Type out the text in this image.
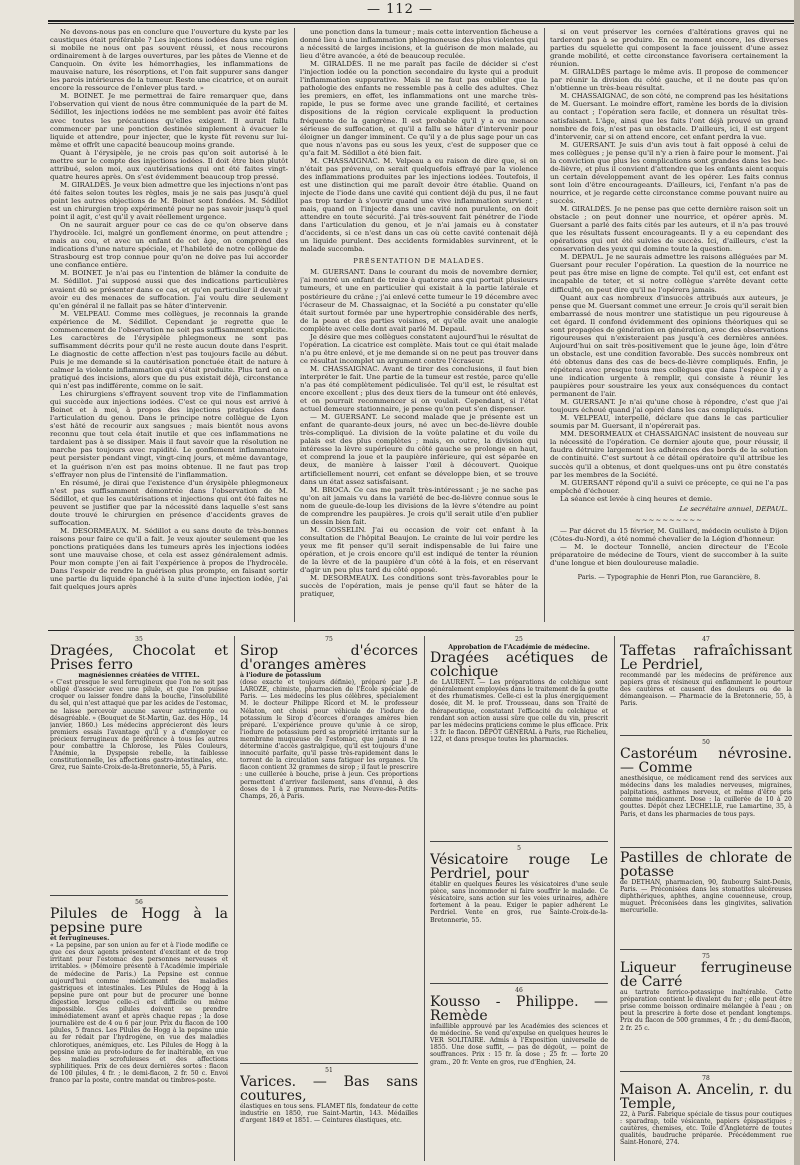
— 112 —

Ne devons-nous pas en conclure que l'ouverture du kyste par les caustiques était préférable ? Les injections iodées dans une région si mobile ne nous ont pas souvent réussi, et nous recourons ordinairement à de larges ouvertures, par les pâtes de Vienne et de Canquoin. On évite les hémorrhagies, les inflammations de mauvaise nature, les résorptions, et l'on fait suppurer sans danger les parois intérieures de la tumeur. Reste une cicatrice, et on aurait encore la ressource de l'enlever plus tard. »

M. BOINET. Je me permettrai de faire remarquer que, dans l'observation qui vient de nous être communiquée de la part de M. Sédillot, les injections iodées ne me semblent pas avoir été faites avec toutes les précautions qu'elles exigent. Il aurait fallu commencer par une ponction destinée simplement à évacuer le liquide et attendre, pour injecter, que le kyste fût revenu sur lui-même et offrît une capacité beaucoup moins grande.

Quant à l'érysipèle, je ne crois pas qu'on soit autorisé à le mettre sur le compte des injections iodées. Il doit être bien plutôt attribué, selon moi, aux cautérisations qui ont été faites vingt-quatre heures après. On s'est évidemment beaucoup trop pressé.

M. GIRALDÈS. Je veux bien admettre que les injections n'ont pas été faites selon toutes les règles, mais je ne sais pas jusqu'à quel point les autres objections de M. Boinet sont fondées. M. Sédillot est un chirurgien trop expérimenté pour ne pas savoir jusqu'à quel point il agit, c'est qu'il y avait réellement urgence.

On ne saurait arguer pour ce cas de ce qu'on observe dans l'hydrocèle. Ici, malgré un gonflement énorme, on peut attendre ; mais au cou, et avec un enfant de cet âge, on comprend des indications d'une nature spéciale, et l'habileté de notre collègue de Strasbourg est trop connue pour qu'on ne doive pas lui accorder une confiance entière.

M. BOINET. Je n'ai pas eu l'intention de blâmer la conduite de M. Sédillot. J'ai supposé aussi que des indications particulières avaient dû se présenter dans ce cas, et qu'en particulier il devait y avoir eu des menaces de suffocation. J'ai voulu dire seulement qu'en général il ne fallait pas se hâter d'intervenir.

M. VELPEAU. Comme mes collègues, je reconnais la grande expérience de M. Sédillot. Cependant je regrette que le commencement de l'observation ne soit pas suffisamment explicite. Les caractères de l'érysipèle phlegmoneux ne sont pas suffisamment décrits pour qu'il ne reste aucun doute dans l'esprit. Le diagnostic de cette affection n'est pas toujours facile au début. Puis je me demande si la cautérisation ponctuée était de nature à calmer la violente inflammation qui s'était produite. Plus tard on a pratiqué des incisions, alors que du pus existait déjà, circonstance qui n'est pas indifférente, comme on le sait.

Les chirurgiens s'effrayent souvent trop vite de l'inflammation qui succède aux injections iodées. C'est ce qui nous est arrivé à Boinet et à moi, à propos des injections pratiquées dans l'articulation du genou. Dans le principe notre collègue de Lyon s'est hâté de recourir aux sangsues ; mais bientôt nous avons reconnu que tout cela était inutile et que ces inflammations ne tardaient pas à se dissiper. Mais il faut savoir que la résolution ne marche pas toujours avec rapidité. Le gonflement inflammatoire peut persister pendant vingt, vingt-cinq jours, et même davantage, et la guérison n'en est pas moins obtenue. Il ne faut pas trop s'effrayer non plus de l'intensité de l'inflammation.

En résumé, je dirai que l'existence d'un érysipèle phlegmoneux n'est pas suffisamment démontrée dans l'observation de M. Sédillot, et que les cautérisations et injections qui ont été faites ne peuvent se justifier que par la nécessité dans laquelle s'est sans doute trouvé le chirurgien en présence d'accidents graves de suffocation.

M. DESORMEAUX. M. Sédillot a eu sans doute de très-bonnes raisons pour faire ce qu'il a fait. Je veux ajouter seulement que les ponctions pratiquées dans les tumeurs après les injections iodées sont une mauvaise chose, et cela est assez généralement admis. Pour mon compte j'en ai fait l'expérience à propos de l'hydrocèle. Dans l'espoir de rendre la guérison plus prompte, en faisant sortir une partie du liquide épanché à la suite d'une injection iodée, j'ai fait quelques jours après

une ponction dans la tumeur ; mais cette intervention fâcheuse a donné lieu à une inflammation phlegmoneuse des plus violentes qui a nécessité de larges incisions, et la guérison de mon malade, au lieu d'être avancée, a été de beaucoup reculée.

M. GIRALDÈS. Il ne me paraît pas facile de décider si c'est l'injection iodée ou la ponction secondaire du kyste qui a produit l'inflammation suppurative. Mais il ne faut pas oublier que la pathologie des enfants ne ressemble pas à celle des adultes. Chez les premiers, en effet, les inflammations ont une marche très-rapide, le pus se forme avec une grande facilité, et certaines dispositions de la région cervicale expliquent la production fréquente de la gangrène. Il est probable qu'il y a eu menace sérieuse de suffocation, et qu'il a fallu se hâter d'intervenir pour éloigner un danger imminent. Ce qu'il y a de plus sage pour un cas que nous n'avons pas eu sous les yeux, c'est de supposer que ce qu'a fait M. Sédillot a été bien fait.

M. CHASSAIGNAC. M. Velpeau a eu raison de dire que, si on n'était pas prévenu, on serait quelquefois effrayé par la violence des inflammations produites par les injections iodées. Toutefois, il est une distinction qui me paraît devoir être établie. Quand on injecte de l'iode dans une cavité qui contient déjà du pus, il ne faut pas trop tarder à s'ouvrir quand une vive inflammation survient ; mais, quand on l'injecte dans une cavité non purulente, on doit attendre en toute sécurité. J'ai très-souvent fait pénétrer de l'iode dans l'articulation du genou, et je n'ai jamais eu à constater d'accidents, si ce n'est dans un cas où cette cavité contenait déjà un liquide purulent. Des accidents formidables survinrent, et le malade succomba.

PRÉSENTATION DE MALADES.

M. GUERSANT. Dans le courant du mois de novembre dernier, j'ai montré un enfant de treize à quatorze ans qui portait plusieurs tumeurs, et une en particulier qui existait à la partie latérale et postérieure du crâne ; j'ai enlevé cette tumeur le 19 décembre avec l'écraseur de M. Chassaignac, et la Société a pu constater qu'elle était surtout formée par une hypertrophie considérable des nerfs, de la peau et des parties voisines, et qu'elle avait une analogie complète avec celle dont avait parlé M. Depaul.

Je désire que mes collègues constatent aujourd'hui le résultat de l'opération. La cicatrice est complète. Mais tout ce qui était malade n'a pu être enlevé, et je me demande si on ne peut pas trouver dans ce résultat incomplet un argument contre l'écraseur.

M. CHASSAIGNAC. Avant de tirer des conclusions, il faut bien interpréter le fait. Une partie de la tumeur est restée, parce qu'elle n'a pas été complètement pédiculisée. Tel qu'il est, le résultat est encore excellent ; plus des deux tiers de la tumeur ont été enlevés, et on pourrait recommencer si on voulait. Cependant, si l'état actuel demeure stationnaire, je pense qu'on peut s'en dispenser.

— M. GUERSANT. Le second malade que je présente est un enfant de quarante-deux jours, né avec un bec-de-lièvre double très-compliqué. La division de la voûte palatine et du voile du palais est des plus complètes ; mais, en outre, la division qui intéresse la lèvre supérieure du côté gauche se prolonge en haut, et comprend la joue et la paupière inférieure, qui est séparée en deux, de manière à laisser l'œil à découvert. Quoique artificiellement nourri, cet enfant se développe bien, et se trouve dans un état assez satisfaisant.

M. BROCA. Ce cas me paraît très-intéressant ; je ne sache pas qu'on ait jamais vu dans la variété de bec-de-lièvre connue sous le nom de gueule-de-loup les divisions de la lèvre s'étendre au point de comprendre les paupières. Je crois qu'il serait utile d'en publier un dessin bien fait.

M. GOSSELIN. J'ai eu occasion de voir cet enfant à la consultation de l'hôpital Beaujon. Le crainte de lui voir perdre les yeux me fit penser qu'il serait indispensable de lui faire une opération, et je crois encore qu'il est indiqué de tenter la réunion de la lèvre et de la paupière d'un côté à la fois, et en réservant d'agir un peu plus tard du côté opposé.

M. DESORMEAUX. Les conditions sont très-favorables pour le succès de l'opération, mais je pense qu'il faut se hâter de la pratiquer,

si on veut préserver les cornées d'altérations graves qui ne tarderont pas à se produire. En ce moment encore, les diverses parties du squelette qui composent la face jouissent d'une assez grande mobilité, et cette circonstance favorisera certainement la réunion.

M. GIRALDÈS partage le même avis. Il propose de commencer par réunir la division du côté gauche, et il ne doute pas qu'on n'obtienne un très-beau résultat.

M. CHASSAIGNAC, de son côté, ne comprend pas les hésitations de M. Guersant. Le moindre effort, ramène les bords de la division au contact ; l'opération sera facile, et donnera un résultat très-satisfaisant. L'âge, ainsi que les faits l'ont déjà prouvé un grand nombre de fois, n'est pas un obstacle. D'ailleurs, ici, il est urgent d'intervenir, car si on attend encore, cet enfant perdra la vue.

M. GUERSANT. Je suis d'un avis tout à fait opposé à celui de mes collègues ; je pense qu'il n'y a rien à faire pour le moment. J'ai la conviction que plus les complications sont grandes dans les bec-de-lièvre, et plus il convient d'attendre que les enfants aient acquis un certain développement avant de les opérer. Les faits connus sont loin d'être encourageants. D'ailleurs, ici, l'enfant n'a pas de nourrice, et je regarde cette circonstance comme pouvant nuire au succès.

M. GIRALDÈS. Je ne pense pas que cette dernière raison soit un obstacle ; on peut donner une nourrice, et opérer après. M. Guersant a parlé des faits cités par les auteurs, et il n'a pas trouvé que les résultats fussent encourageants. Il y a eu cependant des opérations qui ont été suivies de succès. Ici, d'ailleurs, c'est la conservation des yeux qui domine toute la question.

M. DEPAUL. Je ne saurais admettre les raisons alléguées par M. Guersant pour reculer l'opération. La question de la nourrice ne peut pas être mise en ligne de compte. Tel qu'il est, cet enfant est incapable de teter, et si notre collègue s'arrête devant cette difficulté, on peut dire qu'il ne l'opérera jamais.

Quant aux cas nombreux d'insuccès attribués aux auteurs, je pense que M. Guersant commet une erreur. Je crois qu'il serait bien embarrassé de nous montrer une statistique un peu rigoureuse à cet égard. Il confond évidemment des opinions théoriques qui se sont propagées de génération en génération, avec des observations rigoureuses qui n'existeraient pas jusqu'à ces dernières années. Aujourd'hui on sait très-positivement que le jeune âge, loin d'être un obstacle, est une condition favorable. Des succès nombreux ont été obtenus dans des cas de becs-de-lièvre compliqués. Enfin, je répéterai avec presque tous mes collègues que dans l'espèce il y a une indication urgente à remplir, qui consiste à réunir les paupières pour soustraire les yeux aux conséquences du contact permanent de l'air.

M. GUERSANT. Je n'ai qu'une chose à répondre, c'est que j'ai toujours échoué quand j'ai opéré dans les cas compliqués.

M. VELPEAU, interpellé, déclare que dans le cas particulier soumis par M. Guersant, il n'opérerait pas.

MM. DESORMEAUX et CHASSAIGNAC insistent de nouveau sur la nécessité de l'opération. Ce dernier ajoute que, pour réussir, il faudra détruire largement les adhérences des bords de la solution de continuité. C'est surtout à ce détail opératoire qu'il attribue les succès qu'il a obtenus, et dont quelques-uns ont pu être constatés par les membres de la Société.

M. GUERSANT répond qu'il a suivi ce précepte, ce qui ne l'a pas empêché d'échouer.

La séance est levée à cinq heures et demie.

Le secrétaire annuel, DEPAUL.
~~~~~~~~~~

— Par décret du 15 février, M. Guillard, médecin oculiste à Dijon (Côtes-du-Nord), a été nommé chevalier de la Légion d'honneur.

— M. le docteur Tonnellé, ancien directeur de l'Ecole préparatoire de médecine de Tours, vient de succomber à la suite d'une longue et bien douloureuse maladie.

Paris. — Typographie de Henri Plon, rue Garancière, 8.
35
Dragées, Chocolat et Prises ferro

magnésiennes créatées de VITTEL.

« C'est presque le seul ferrugineux que l'on ne soit pas obligé d'associer avec une pilule, et que l'on puisse croquer ou laisser fondre dans la bouche, l'insolubilité du sel, qui n'est attaqué que par les acides de l'estomac, ne laisse percevoir aucune saveur astringente ou désagréable. » (Bouquet de St-Martin, Gaz. des Hôp., 14 janvier, 1860.) Les médecins apprécieront dès leurs premiers essais l'avantage qu'il y a d'employer ce précieux ferrugineux de préférence à tous les autres pour combattre la Chlorose, les Pâles Couleurs, l'Anémie, la Dyspepsie rebelle, la faiblesse constitutionnelle, les affections gastro-intestinales, etc. Grez, rue Sainte-Croix-de-la-Bretonnerie, 55, à Paris.

56
Pilules de Hogg à la pepsine pure

et ferrugineuses.

« La pepsine, par son union au fer et à l'iode modifie ce que ces deux agents présentent d'excitant et de trop irritant pour l'estomac des personnes nerveuses et irritables. » (Mémoire présenté à l'Académie impériale de médecine de Paris.) La Pepsine est connue aujourd'hui comme médicament des maladies gastriques et intestinales. Les Pilules de Hogg à la pepsine pure ont pour but de procurer une bonne digestion lorsque celle-ci est difficile ou même impossible. Ces pilules doivent se prendre immédiatement avant et après chaque repas ; la dose journalière est de 4 ou 6 par jour. Prix du flacon de 100 pilules, 5 francs. Les Pilules de Hogg à la pepsine unie au fer rédait par l'hydrogène, en vue des maladies chlorotiques, anémiques, etc. Les Pilules de Hogg à la pepsine unie au proto-iodure de fer inaltérable, en vue des maladies scrofuleuses et des affections syphilitiques. Prix de ces deux dernières sortes : flacon de 100 pilules, 4 fr. ; le demi-flacon, 2 fr. 50 c. Envoi franco par la poste, contre mandat ou timbres-poste.

75
Sirop d'écorces d'oranges amères

à l'iodure de potassium

(dose exacte et toujours définie), préparé par J.-P. LAROZE, chimiste, pharmacien de l'Ecole spéciale de Paris. — Les médecins les plus célèbres, spécialement M. le docteur Philippe Ricord et M. le professeur Nélaton, ont choisi pour véhicule de l'iodure de potassium le Sirop d'écorces d'oranges amères bien préparé. L'expérience prouve qu'unie à ce sirop, l'iodure de potassium perd sa propriété irritante sur la membrane muqueuse de l'estomac, que jamais il ne détermine d'accès gastralgique, qu'il est toujours d'une innocuité parfaite, qu'il passe très-rapidement dans le torrent de la circulation sans fatiguer les organes. Un flacon contient 32 grammes de sirop ; il faut le prescrire : une cuillerée à bouche, prise à jeun. Ces proportions permettent d'arriver facilement, sans d'ennui, à des doses de 1 à 2 grammes. Paris, rue Neuve-des-Petits-Champs, 26, à Paris.

51
Varices. — Bas sans coutures,

élastiques en tous sens. FLAMET fils, fondateur de cette industrie en 1850, rue Saint-Martin, 143. Médailles d'argent 1849 et 1851. — Ceintures élastiques, etc.

25

Approbation de l'Académie de médecine.

Dragées acétiques de colchique

de LAURENT. — Les préparations de colchique sont généralement employées dans le traitement de la goutte et des rhumatismes. Celle-ci est la plus énergiquement dosée, dit M. le prof. Trousseau, dans son Traité de thérapeutique, constatant l'efficacité du colchique et rendant son action aussi sûre que celle du vin, prescrit par les médecins praticiens comme le plus efficace. Prix : 3 fr. le flacon. DÉPÔT GÉNÉRAL à Paris, rue Richelieu, 122, et dans presque toutes les pharmacies.

5
Vésicatoire rouge Le Perdriel, pour

établir en quelques heures les vésicatoires d'une seule pièce, sans incommoder ni faire souffrir le malade. Ce vésicatoire, sans action sur les voies urinaires, adhère fortement à la peau. Exiger le papier adhérent Le Perdriel. Vente en gros, rue Sainte-Croix-de-la-Bretonnerie, 55.

46
Kousso - Philippe. — Remède

infaillible approuvé par les Académies des sciences et de médecine. Se vend qu'expulse en quelques heures le VER SOLITAIRE. Admis à l'Exposition universelle de 1855. Une dose suffit, — pas de dégoût, — point de souffrances. Prix : 15 fr. la dose ; 25 fr. — forte 20 gram., 20 fr. Vente en gros, rue d'Enghien, 24.

47
Taffetas rafraîchissant Le Perdriel,

recommandé par les médecins de préférence aux papiers gras et résineux qui enflamment le pourtour des cautères et causent des douleurs ou de la démangeaison. — Pharmacie de la Bretonnerie, 55, à Paris.

50
Castoréum névrosine. — Comme

anesthésique, ce médicament rend des services aux médecins dans les maladies nerveuses, migraines, palpitations, asthmes nerveux, et même d'être pris comme médicament. Dose : la cuillerée de 10 à 20 gouttes. Dépôt chez LECHELLE, rue Lamartine, 35, à Paris, et dans les pharmacies de tous pays.

Pastilles de chlorate de potasse

de DETHAN, pharmacien, 90, faubourg Saint-Denis, Paris. — Préconisées dans les stomatites ulcéreuses diphthériques, aphthes, angine couenneuse, croup, muguet. Préconisées dans les gingivites, salivation mercurielle.

75
Liqueur ferrugineuse de Carré

au tartrate ferrico-potassique inaltérable. Cette préparation contient le divalent du fer ; elle peut être prise comme boisson ordinaire mélangée à l'eau ; on peut la prescrire à forte dose et pendant longtemps. Prix du flacon de 500 grammes, 4 fr. ; du demi-flacon, 2 fr. 25 c.

78
Maison A. Ancelin, r. du Temple,

22, à Paris. Fabrique spéciale de tissus pour coutiques : sparadrap, toile vésicante, papiers épispastiques ; cautères, chemises, etc. Toile d'Angleterre de toutes qualités, baudruche préparée. Précédemment rue Saint-Honoré, 274.
